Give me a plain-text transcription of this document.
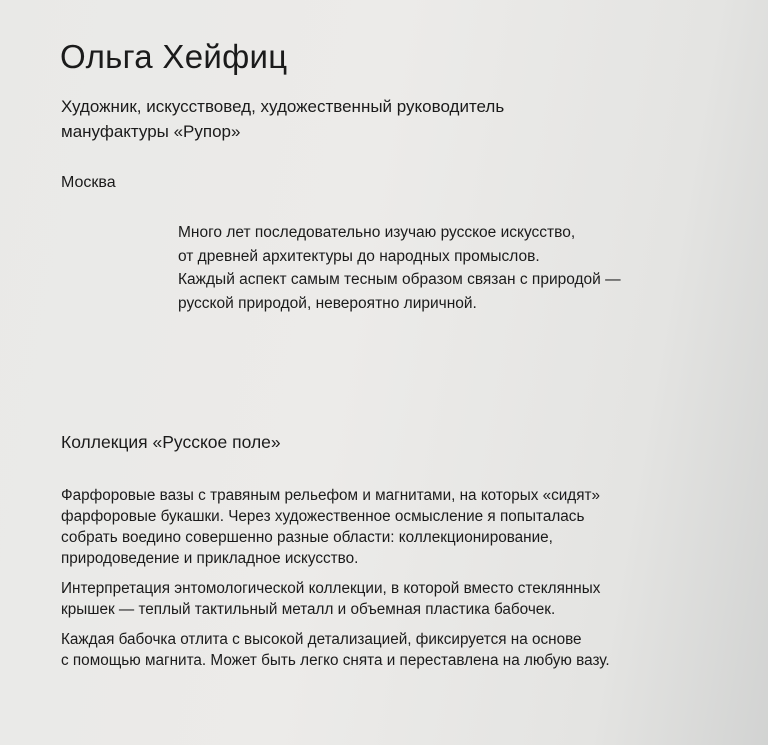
Ольга Хейфиц
Художник, искусствовед, художественный руководитель
мануфактуры «Рупор»
Москва
Много лет последовательно изучаю русское искусство,
от древней архитектуры до народных промыслов.
Каждый аспект самым тесным образом связан с природой —
русской природой, невероятно лиричной.
Коллекция «Русское поле»

Фарфоровые вазы с травяным рельефом и магнитами, на которых «сидят»
фарфоровые букашки. Через художественное осмысление я попыталась
собрать воедино совершенно разные области: коллекционирование,
природоведение и прикладное искусство.

Интерпретация энтомологической коллекции, в которой вместо стеклянных
крышек — теплый тактильный металл и объемная пластика бабочек.

Каждая бабочка отлита с высокой детализацией, фиксируется на основе
с помощью магнита. Может быть легко снята и переставлена на любую вазу.
